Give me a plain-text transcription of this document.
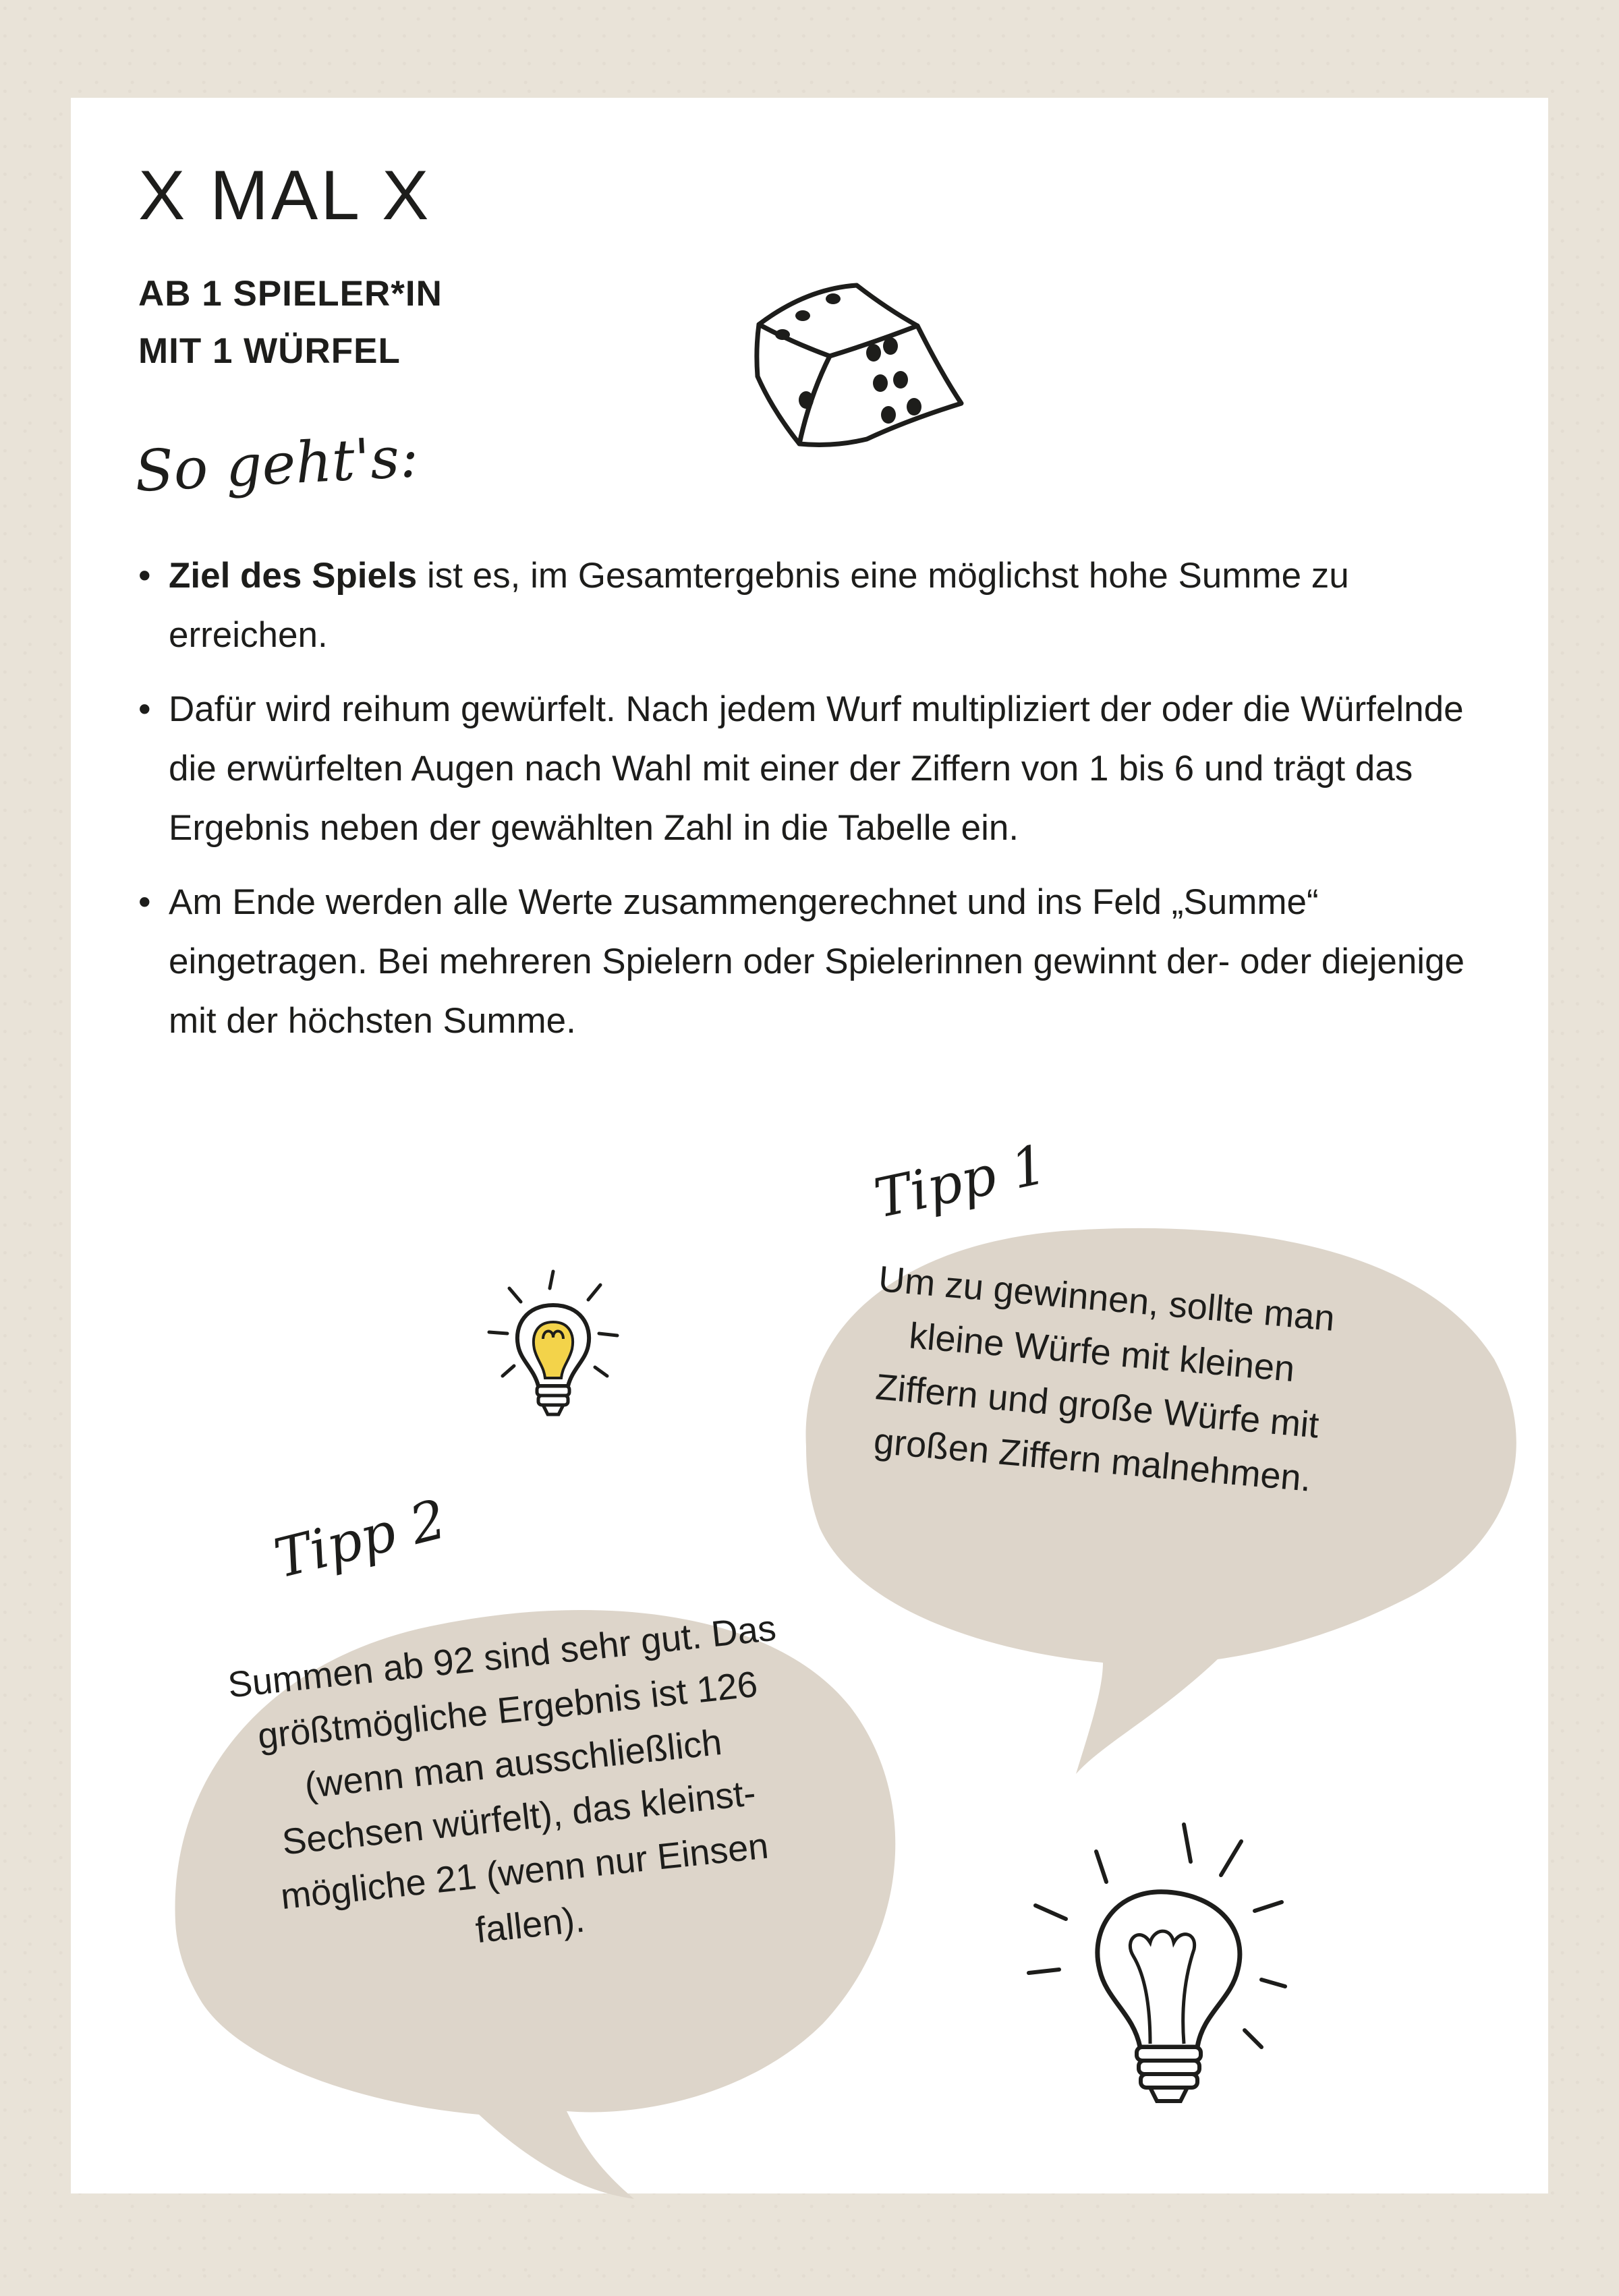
X MAL X
AB 1 SPIELER*IN
MIT 1 WÜRFEL
So geht's:
• Ziel des Spiels ist es, im Gesamtergebnis eine möglichst hohe Summe zu erreichen.
• Dafür wird reihum gewürfelt. Nach jedem Wurf multipliziert der oder die Würfelnde die erwürfelten Augen nach Wahl mit einer der Ziffern von 1 bis 6 und trägt das Ergebnis neben der gewählten Zahl in die Tabelle ein.
• Am Ende werden alle Werte zusammengerechnet und ins Feld „Summe“ eingetragen. Bei mehreren Spielern oder Spielerinnen gewinnt der- oder diejenige mit der höchsten Summe.
Tipp 1
Um zu gewinnen, sollte man kleine Würfe mit kleinen Ziffern und große Würfe mit großen Ziffern malnehmen.
Tipp 2
Summen ab 92 sind sehr gut. Das größtmögliche Ergebnis ist 126 (wenn man ausschließlich Sechsen würfelt), das kleinst-mögliche 21 (wenn nur Einsen fallen).
